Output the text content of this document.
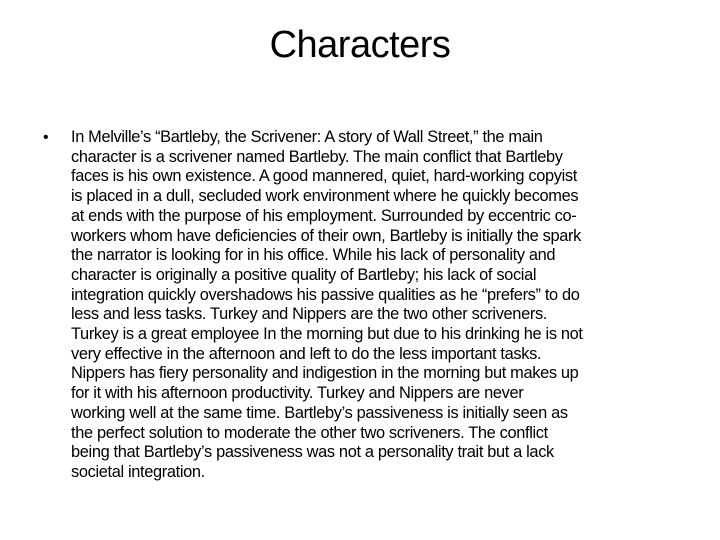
Characters
•	In Melville’s “Bartleby, the Scrivener: A story of Wall Street,” the main
character is a scrivener named Bartleby. The main conflict that Bartleby
faces is his own existence. A good mannered, quiet, hard-working copyist
is placed in a dull, secluded work environment where he quickly becomes
at ends with the purpose of his employment. Surrounded by eccentric co-
workers whom have deficiencies of their own, Bartleby is initially the spark
the narrator is looking for in his office. While his lack of personality and
character is originally a positive quality of Bartleby; his lack of social
integration quickly overshadows his passive qualities as he “prefers” to do
less and less tasks. Turkey and Nippers are the two other scriveners.
Turkey is a great employee In the morning but due to his drinking he is not
very effective in the afternoon and left to do the less important tasks.
Nippers has fiery personality and indigestion in the morning but makes up
for it with his afternoon productivity. Turkey and Nippers are never
working well at the same time. Bartleby’s passiveness is initially seen as
the perfect solution to moderate the other two scriveners. The conflict
being that Bartleby’s passiveness was not a personality trait but a lack
societal integration.
